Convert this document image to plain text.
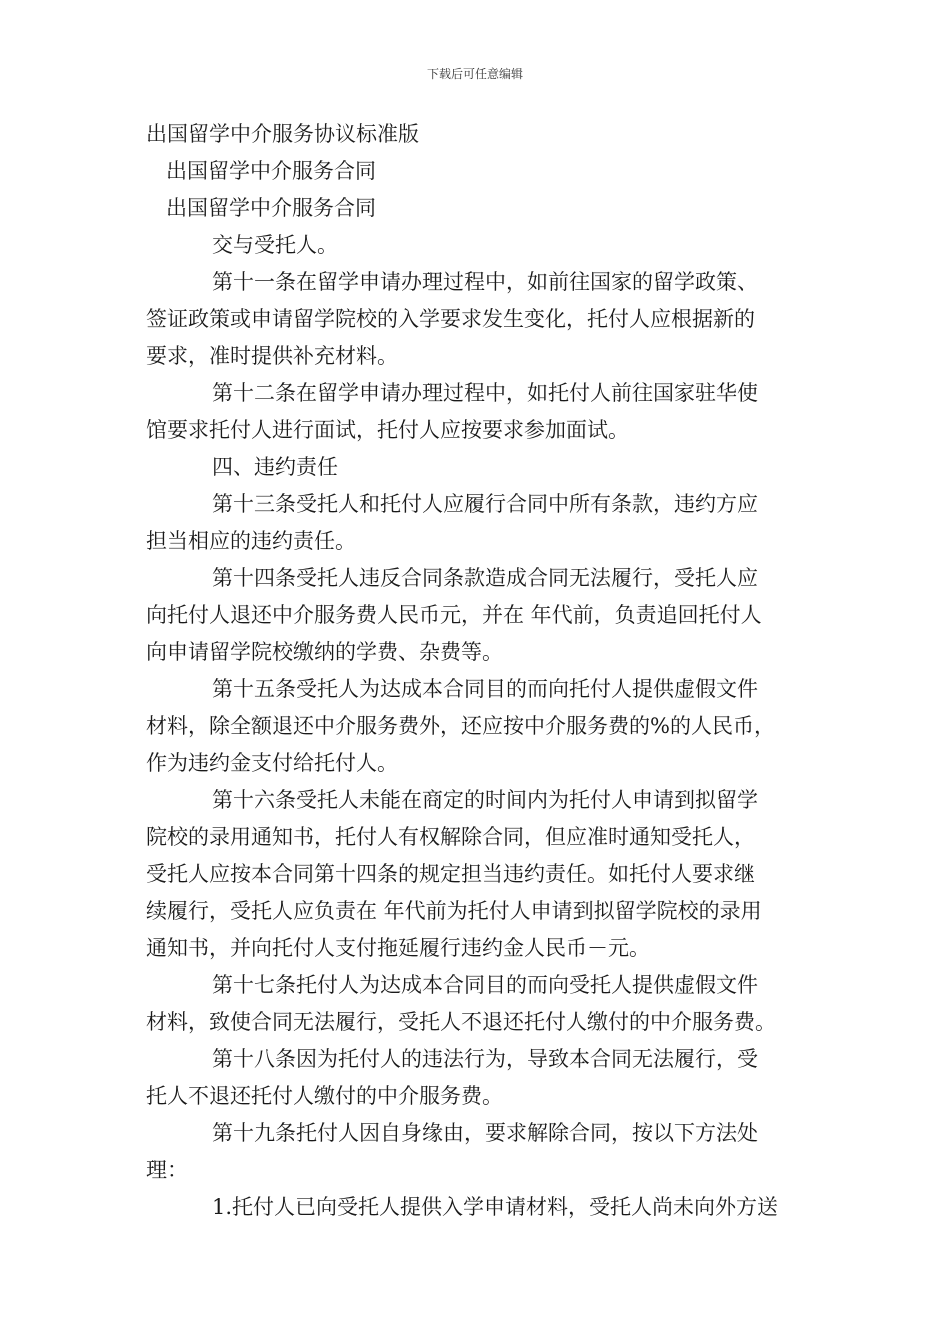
下载后可任意编辑

出国留学中介服务协议标准版

出国留学中介服务合同

出国留学中介服务合同

交与受托人。

第十一条在留学申请办理过程中，如前往国家的留学政策、

签证政策或申请留学院校的入学要求发生变化，托付人应根据新的

要求，准时提供补充材料。

第十二条在留学申请办理过程中，如托付人前往国家驻华使

馆要求托付人进行面试，托付人应按要求参加面试。

四、违约责任

第十三条受托人和托付人应履行合同中所有条款，违约方应

担当相应的违约责任。

第十四条受托人违反合同条款造成合同无法履行，受托人应

向托付人退还中介服务费人民币元，并在 年代前，负责追回托付人

向申请留学院校缴纳的学费、杂费等。

第十五条受托人为达成本合同目的而向托付人提供虚假文件

材料，除全额退还中介服务费外，还应按中介服务费的%的人民币，

作为违约金支付给托付人。

第十六条受托人未能在商定的时间内为托付人申请到拟留学

院校的录用通知书，托付人有权解除合同，但应准时通知受托人，

受托人应按本合同第十四条的规定担当违约责任。如托付人要求继

续履行，受托人应负责在 年代前为托付人申请到拟留学院校的录用

通知书，并向托付人支付拖延履行违约金人民币－元。

第十七条托付人为达成本合同目的而向受托人提供虚假文件

材料，致使合同无法履行，受托人不退还托付人缴付的中介服务费。

第十八条因为托付人的违法行为，导致本合同无法履行，受

托人不退还托付人缴付的中介服务费。

第十九条托付人因自身缘由，要求解除合同，按以下方法处

理：

1.托付人已向受托人提供入学申请材料，受托人尚未向外方送
